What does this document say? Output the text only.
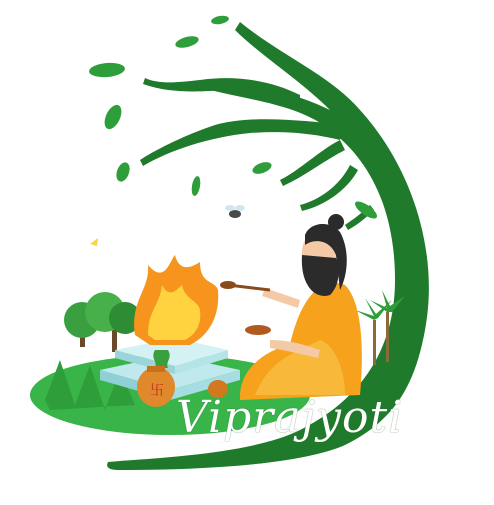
卐
Viprajyoti
